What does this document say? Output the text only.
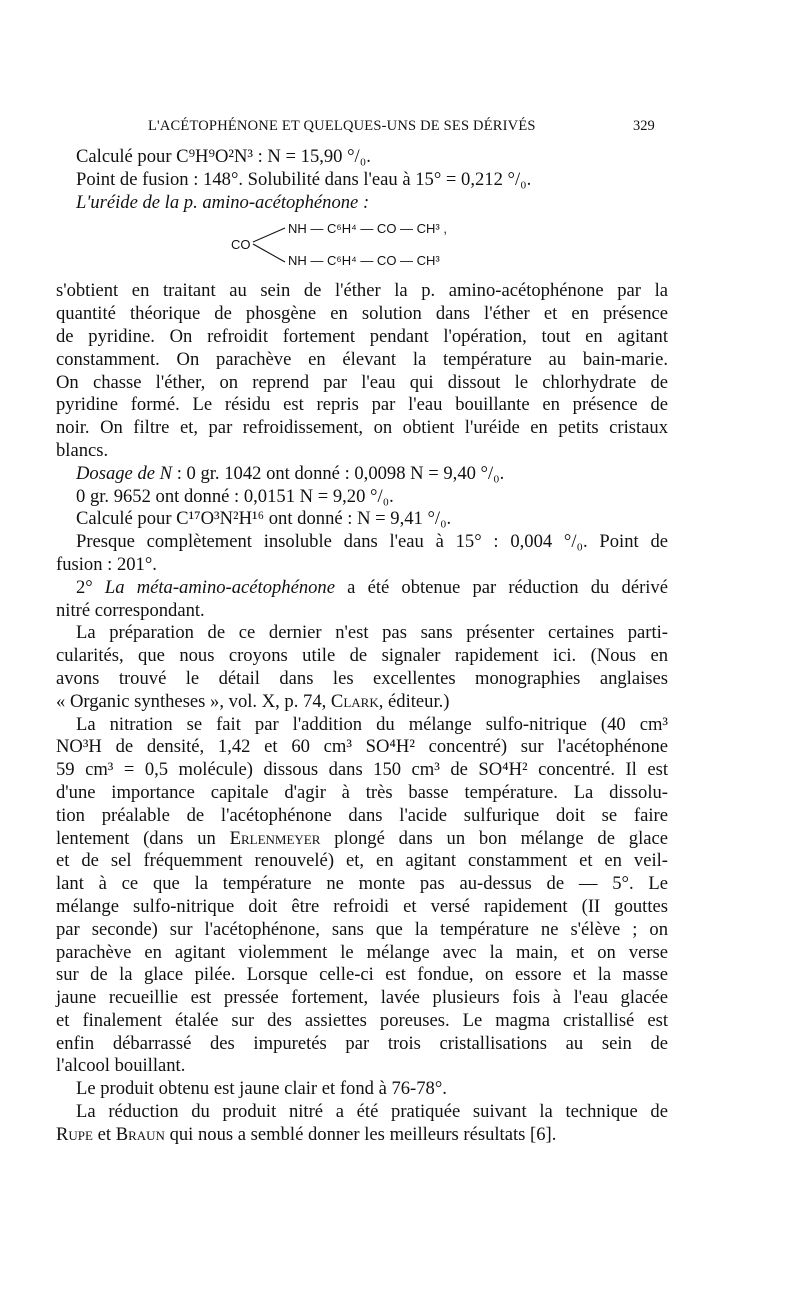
L'ACÉTOPHÉNONE ET QUELQUES-UNS DE SES DÉRIVÉS	329

Calculé pour C⁹H⁹O²N³ : N = 15,90 °/₀.

Point de fusion : 148°. Solubilité dans l'eau à 15° = 0,212 °/₀.

L'uréide de la p. amino-acétophénone :

CO
NH — C⁶H⁴ — CO — CH³ ,
NH — C⁶H⁴ — CO — CH³

s'obtient en traitant au sein de l'éther la p. amino-acétophénone par la
quantité théorique de phosgène en solution dans l'éther et en présence
de pyridine. On refroidit fortement pendant l'opération, tout en agitant
constamment. On parachève en élevant la température au bain-marie.
On chasse l'éther, on reprend par l'eau qui dissout le chlorhydrate de
pyridine formé. Le résidu est repris par l'eau bouillante en présence de
noir. On filtre et, par refroidissement, on obtient l'uréide en petits cristaux
blancs.

Dosage de N : 0 gr. 1042 ont donné : 0,0098 N = 9,40 °/₀.

0 gr. 9652 ont donné : 0,0151 N = 9,20 °/₀.

Calculé pour C¹⁷O³N²H¹⁶ ont donné : N = 9,41 °/₀.

Presque complètement insoluble dans l'eau à 15° : 0,004 °/₀. Point de
fusion : 201°.

2° La méta-amino-acétophénone a été obtenue par réduction du dérivé
nitré correspondant.

La préparation de ce dernier n'est pas sans présenter certaines parti-
cularités, que nous croyons utile de signaler rapidement ici. (Nous en
avons trouvé le détail dans les excellentes monographies anglaises
« Organic syntheses », vol. X, p. 74, Clark, éditeur.)

La nitration se fait par l'addition du mélange sulfo-nitrique (40 cm³
NO³H de densité, 1,42 et 60 cm³ SO⁴H² concentré) sur l'acétophénone
59 cm³ = 0,5 molécule) dissous dans 150 cm³ de SO⁴H² concentré. Il est
d'une importance capitale d'agir à très basse température. La dissolu-
tion préalable de l'acétophénone dans l'acide sulfurique doit se faire
lentement (dans un Erlenmeyer plongé dans un bon mélange de glace
et de sel fréquemment renouvelé) et, en agitant constamment et en veil-
lant à ce que la température ne monte pas au-dessus de — 5°. Le
mélange sulfo-nitrique doit être refroidi et versé rapidement (II gouttes
par seconde) sur l'acétophénone, sans que la température ne s'élève ; on
parachève en agitant violemment le mélange avec la main, et on verse
sur de la glace pilée. Lorsque celle-ci est fondue, on essore et la masse
jaune recueillie est pressée fortement, lavée plusieurs fois à l'eau glacée
et finalement étalée sur des assiettes poreuses. Le magma cristallisé est
enfin débarrassé des impuretés par trois cristallisations au sein de
l'alcool bouillant.

Le produit obtenu est jaune clair et fond à 76-78°.

La réduction du produit nitré a été pratiquée suivant la technique de
Rupe et Braun qui nous a semblé donner les meilleurs résultats [6].
